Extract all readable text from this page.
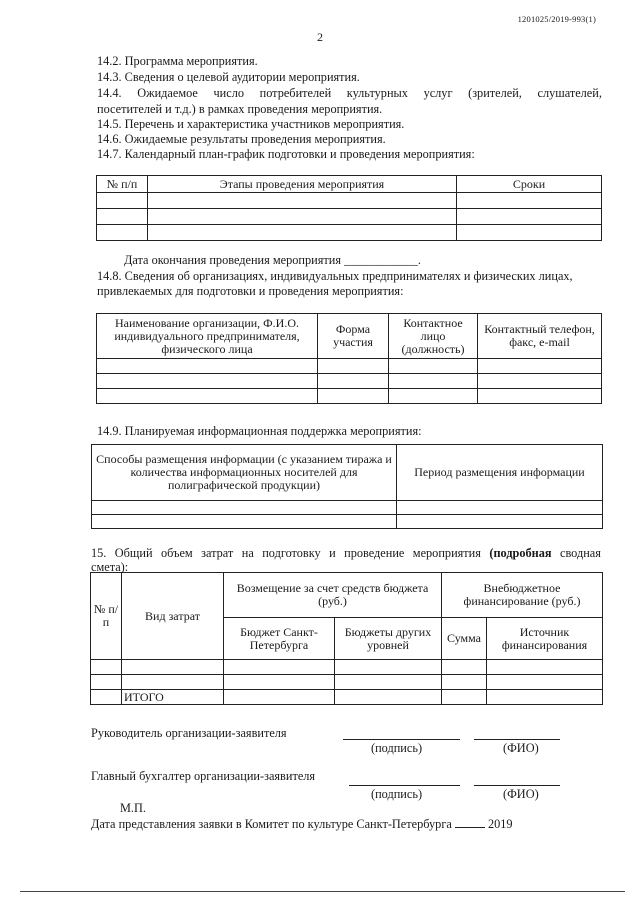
1201025/2019-993(1)
2
14.2. Программа мероприятия.
14.3. Сведения о целевой аудитории мероприятия.
14.4. Ожидаемое число потребителей культурных услуг (зрителей, слушателей,
посетителей и т.д.) в рамках проведения мероприятия.
14.5. Перечень и характеристика участников мероприятия.
14.6. Ожидаемые результаты проведения мероприятия.
14.7. Календарный план-график подготовки и проведения мероприятия:
№ п/п	Этапы проведения мероприятия	Сроки

Дата окончания проведения мероприятия ____________.
14.8. Сведения об организациях, индивидуальных предпринимателях и физических лицах,
привлекаемых для подготовки и проведения мероприятия:
Наименование организации, Ф.И.О. индивидуального предпринимателя, физического лица	Форма участия	Контактное лицо (должность)	Контактный телефон, факс, e-mail

14.9. Планируемая информационная поддержка мероприятия:
Способы размещения информации (с указанием тиража и количества информационных носителей для полиграфической продукции)	Период размещения информации

15. Общий объем затрат на подготовку и проведение мероприятия (подробная сводная
смета):
№ п/п	Вид затрат	Возмещение за счет средств бюджета (руб.)		Внебюджетное финансирование (руб.)	
		Бюджет Санкт-Петербурга	Бюджеты других уровней	Сумма	Источник финансирования

	ИТОГО				
Руководитель организации-заявителя
(подпись)	(ФИО)
Главный бухгалтер организации-заявителя
(подпись)	(ФИО)
М.П.
Дата представления заявки в Комитет по культуре Санкт-Петербурга	2019
